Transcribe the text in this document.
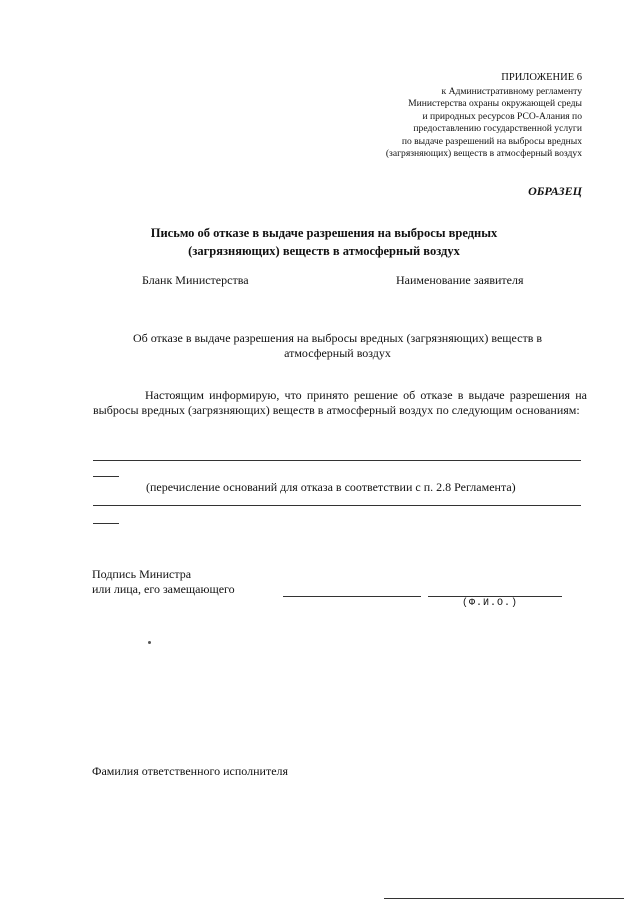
ПРИЛОЖЕНИЕ 6
к Административному регламенту
Министерства охраны окружающей среды
и природных ресурсов РСО-Алания по
предоставлению государственной услуги
по выдаче разрешений на выбросы вредных
(загрязняющих) веществ в атмосферный воздух
ОБРАЗЕЦ
Письмо об отказе в выдаче разрешения на выбросы вредных
(загрязняющих) веществ в атмосферный воздух
Бланк Министерства	Наименование заявителя
Об отказе в выдаче разрешения на выбросы вредных (загрязняющих) веществ в
атмосферный воздух
Настоящим информирую, что принято решение об отказе в выдаче разрешения на выбросы вредных (загрязняющих) веществ в атмосферный воздух по следующим основаниям:
(перечисление оснований для отказа в соответствии с п. 2.8 Регламента)
Подпись Министра
или лица, его замещающего
(Ф.И.О.)
Фамилия ответственного исполнителя
